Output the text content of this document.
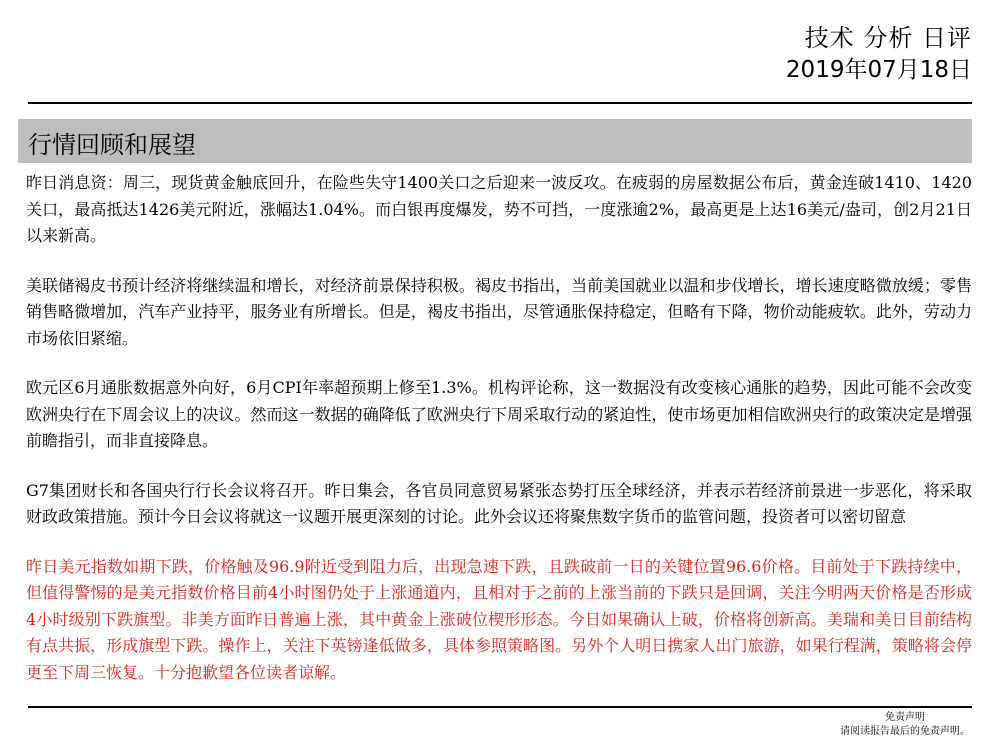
技术 分析 日评
2019年07月18日
行情回顾和展望

昨日消息资：周三，现货黄金触底回升，在险些失守1400关口之后迎来一波反攻。在疲弱的房屋数据公布后，黄金连破1410、1420关口，最高抵达1426美元附近，涨幅达1.04%。而白银再度爆发，势不可挡，一度涨逾2%，最高更是上达16美元/盎司，创2月21日以来新高。

美联储褐皮书预计经济将继续温和增长，对经济前景保持积极。褐皮书指出，当前美国就业以温和步伐增长，增长速度略微放缓；零售销售略微增加，汽车产业持平，服务业有所增长。但是，褐皮书指出，尽管通胀保持稳定，但略有下降，物价动能疲软。此外，劳动力市场依旧紧缩。

欧元区6月通胀数据意外向好，6月CPI年率超预期上修至1.3%。机构评论称，这一数据没有改变核心通胀的趋势，因此可能不会改变欧洲央行在下周会议上的决议。然而这一数据的确降低了欧洲央行下周采取行动的紧迫性，使市场更加相信欧洲央行的政策决定是增强前瞻指引，而非直接降息。

G7集团财长和各国央行行长会议将召开。昨日集会，各官员同意贸易紧张态势打压全球经济，并表示若经济前景进一步恶化，将采取财政政策措施。预计今日会议将就这一议题开展更深刻的讨论。此外会议还将聚焦数字货币的监管问题，投资者可以密切留意

昨日美元指数如期下跌，价格触及96.9附近受到阻力后，出现急速下跌，且跌破前一日的关键位置96.6价格。目前处于下跌持续中，但值得警惕的是美元指数价格目前4小时图仍处于上涨通道内，且相对于之前的上涨当前的下跌只是回调，关注今明两天价格是否形成4小时级别下跌旗型。非美方面昨日普遍上涨，其中黄金上涨破位楔形形态。今日如果确认上破，价格将创新高。美瑞和美日目前结构有点共振，形成旗型下跌。操作上，关注下英镑逢低做多，具体参照策略图。另外个人明日携家人出门旅游，如果行程满，策略将会停更至下周三恢复。十分抱歉望各位读者谅解。

免责声明
请阅读报告最后的免责声明。
